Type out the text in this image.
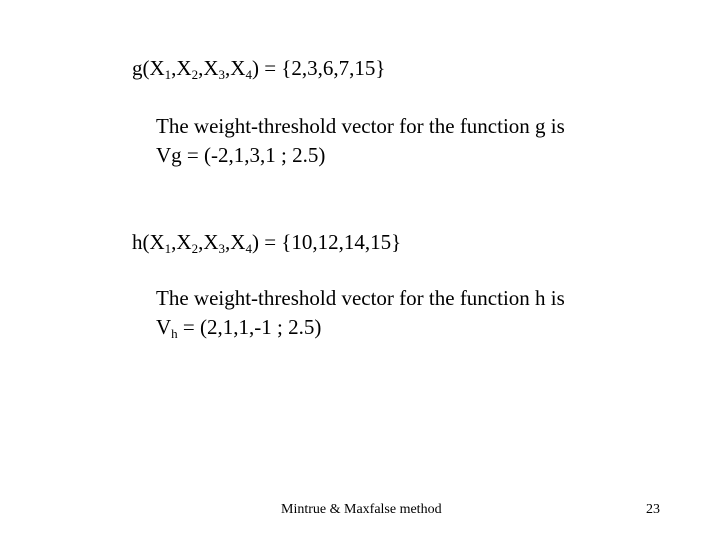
$g(X_1,X_2,X_3,X_4) = \{2,3,6,7,15\}$
The weight-threshold vector for the function g is
Vg = (-2,1,3,1 ; 2.5)
$h(X_1,X_2,X_3,X_4) = \{10,12,14,15\}$
The weight-threshold vector for the function h is
$V_h = (2,1,1,-1$ ; 2.5)
Mintrue & Maxfalse method	23
